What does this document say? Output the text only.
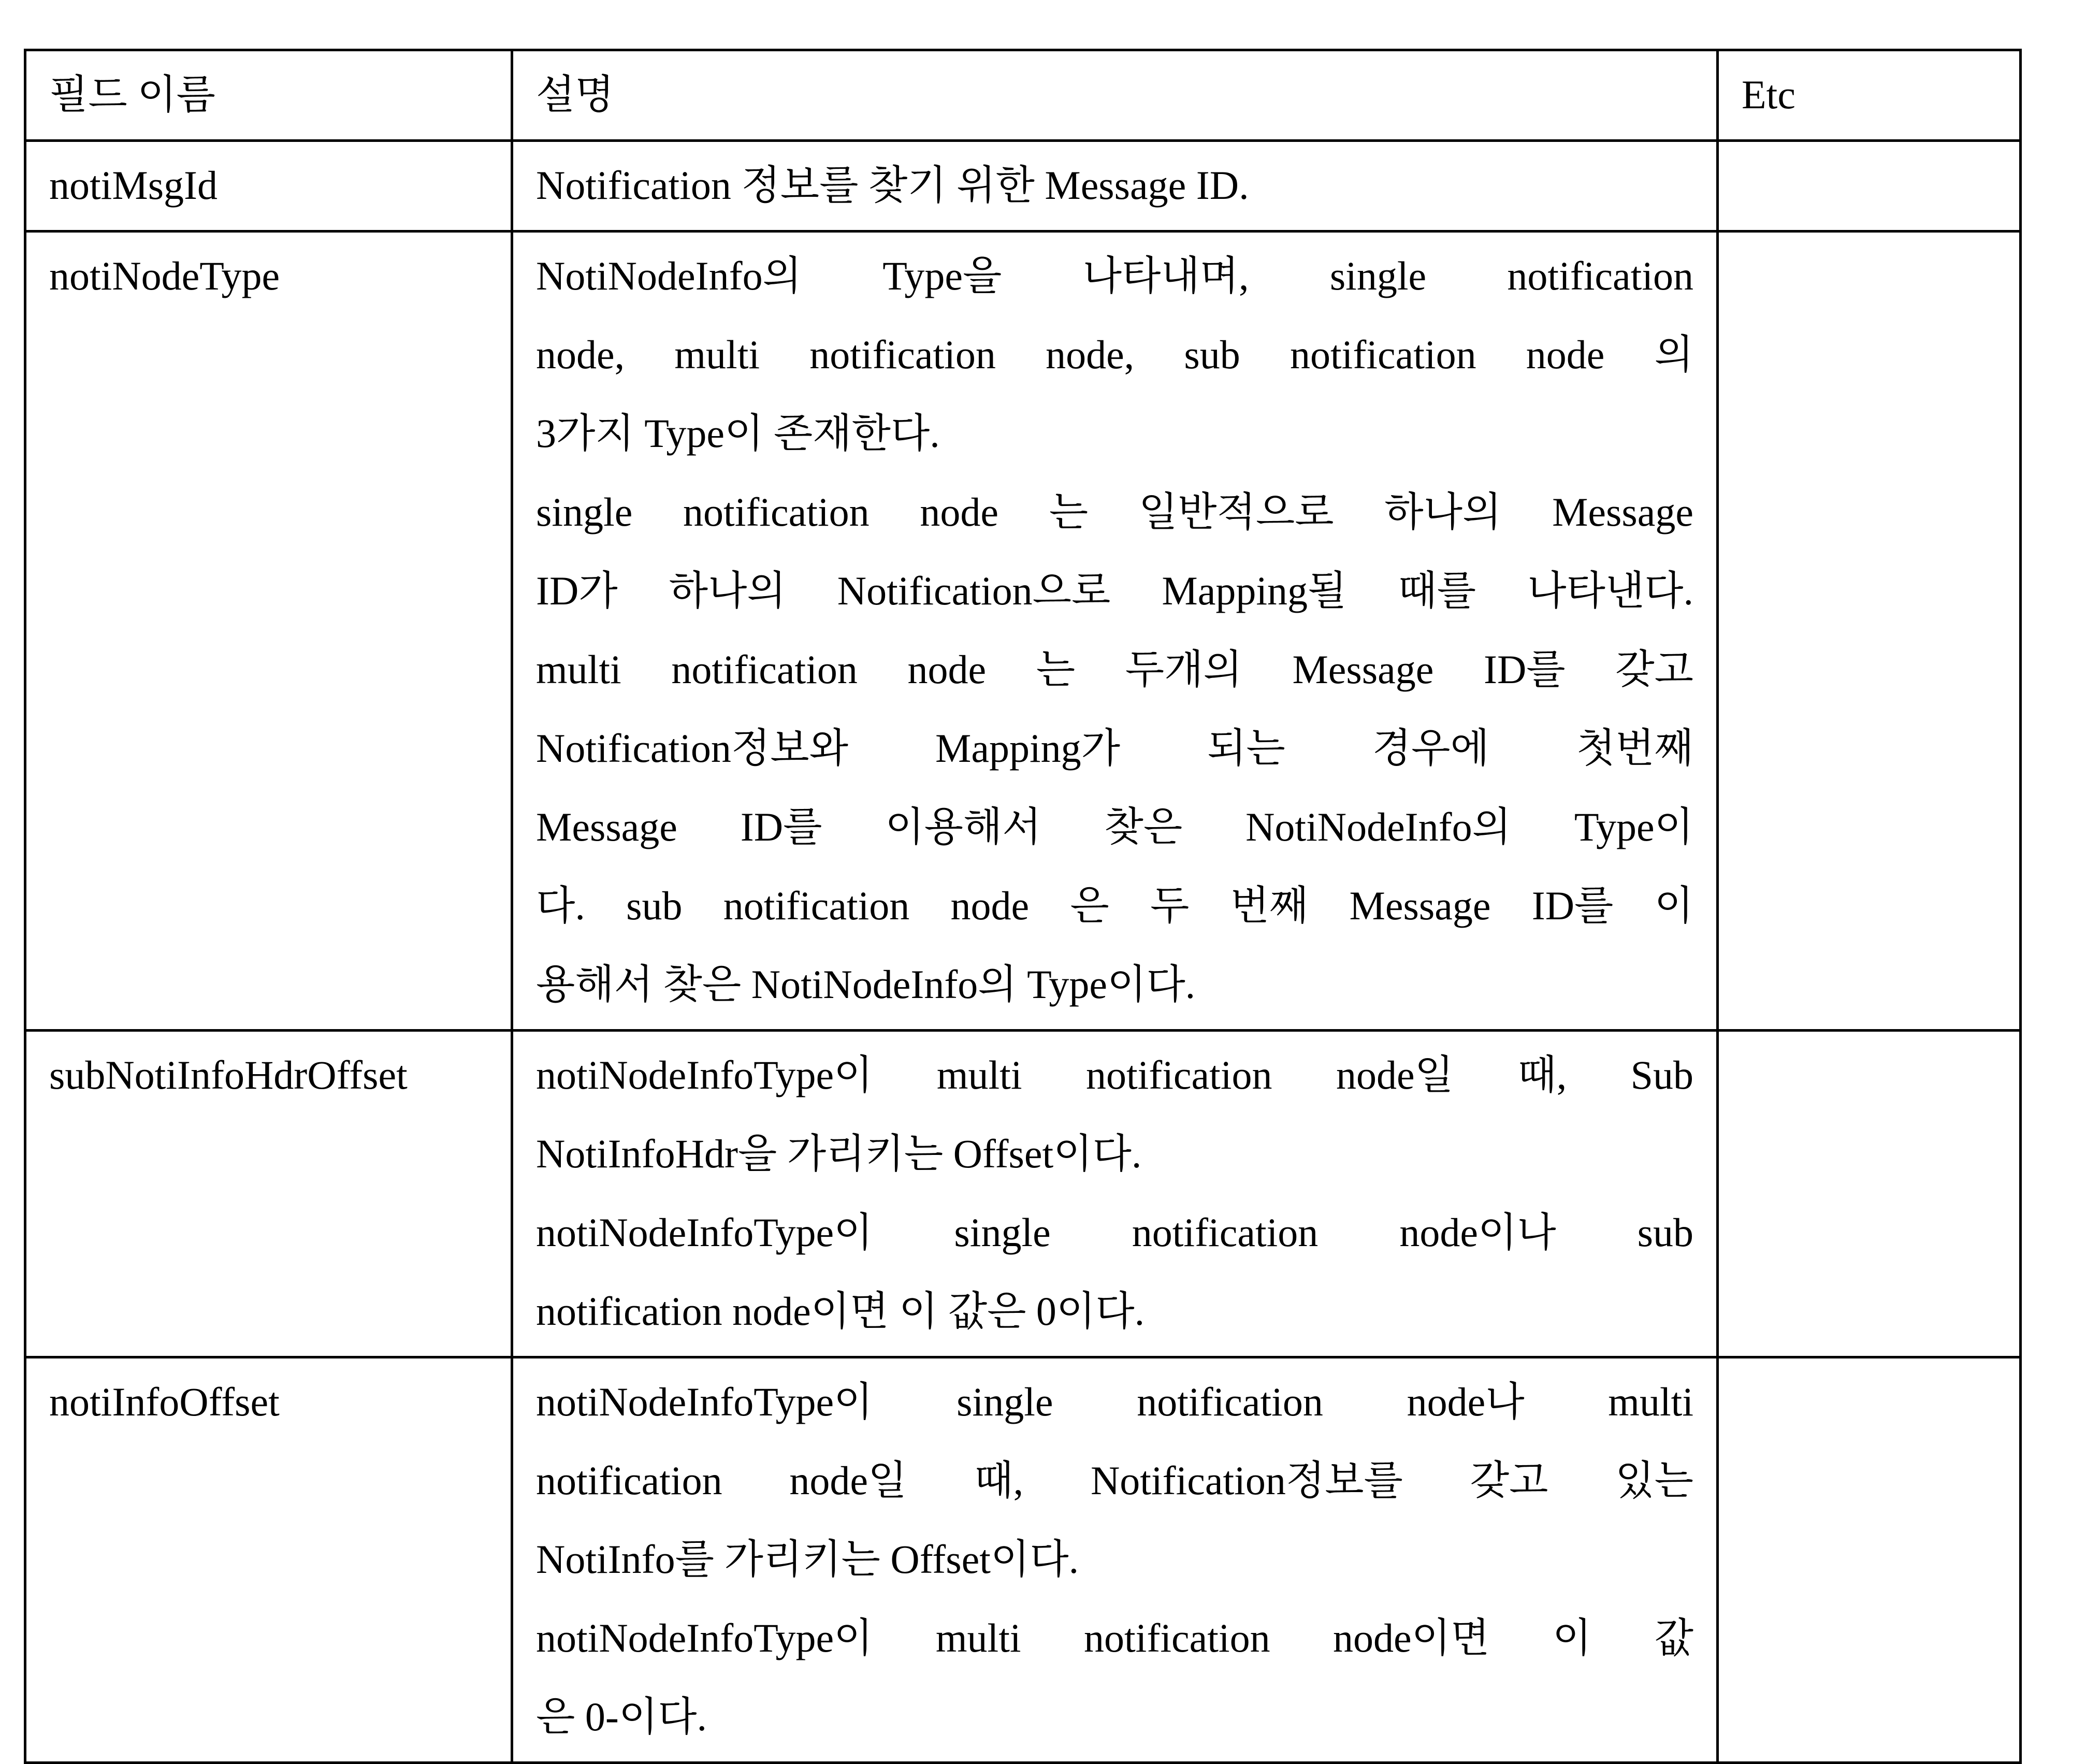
필드 이름	설명	Etc
notiMsgId	Notification 정보를 찾기 위한 Message ID.	

notiNodeType	NotiNodeInfo의 Type을 나타내며, single notification
node, multi notification node, sub notification node 의
3가지 Type이 존재한다.
single notification node 는 일반적으로 하나의 Message
ID가 하나의 Notification으로 Mapping될 때를 나타낸다.
multi notification node 는 두개의 Message ID를 갖고
Notification정보와 Mapping가 되는 경우에 첫번째
Message ID를 이용해서 찾은 NotiNodeInfo의 Type이
다. sub notification node 은 두 번째 Message ID를 이
용해서 찾은 NotiNodeInfo의 Type이다.

subNotiInfoHdrOffset	notiNodeInfoType이 multi notification node일 때, Sub
NotiInfoHdr을 가리키는 Offset이다.
notiNodeInfoType이 single notification node이나 sub
notification node이면 이 값은 0이다.	

notiInfoOffset	notiNodeInfoType이 single notification node나 multi
notification node일 때, Notification정보를 갖고 있는
NotiInfo를 가리키는 Offset이다.
notiNodeInfoType이 multi notification node이면 이 값
은 0-이다.	
